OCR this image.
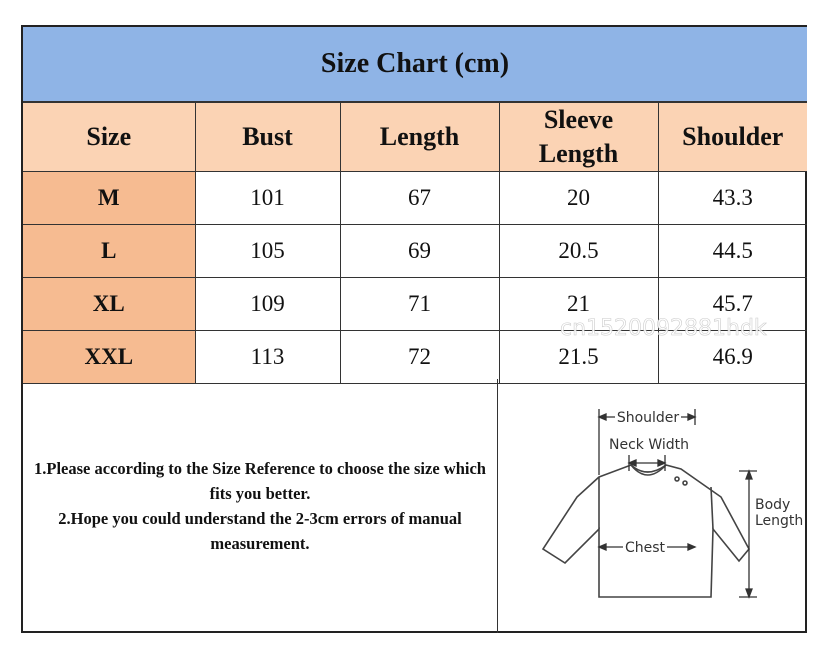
Size Chart (cm)
Size	Bust	Length	Sleeve Length	Shoulder
M	101	67	20	43.3
L	105	69	20.5	44.5
XL	109	71	21	45.7
XXL	113	72	21.5	46.9
1.Please according to the Size Reference to choose the size which fits you better.
2.Hope you could understand the 2-3cm errors of manual measurement.
Shoulder
Neck Width
Chest
Body
Length
cn1520092881hdk
